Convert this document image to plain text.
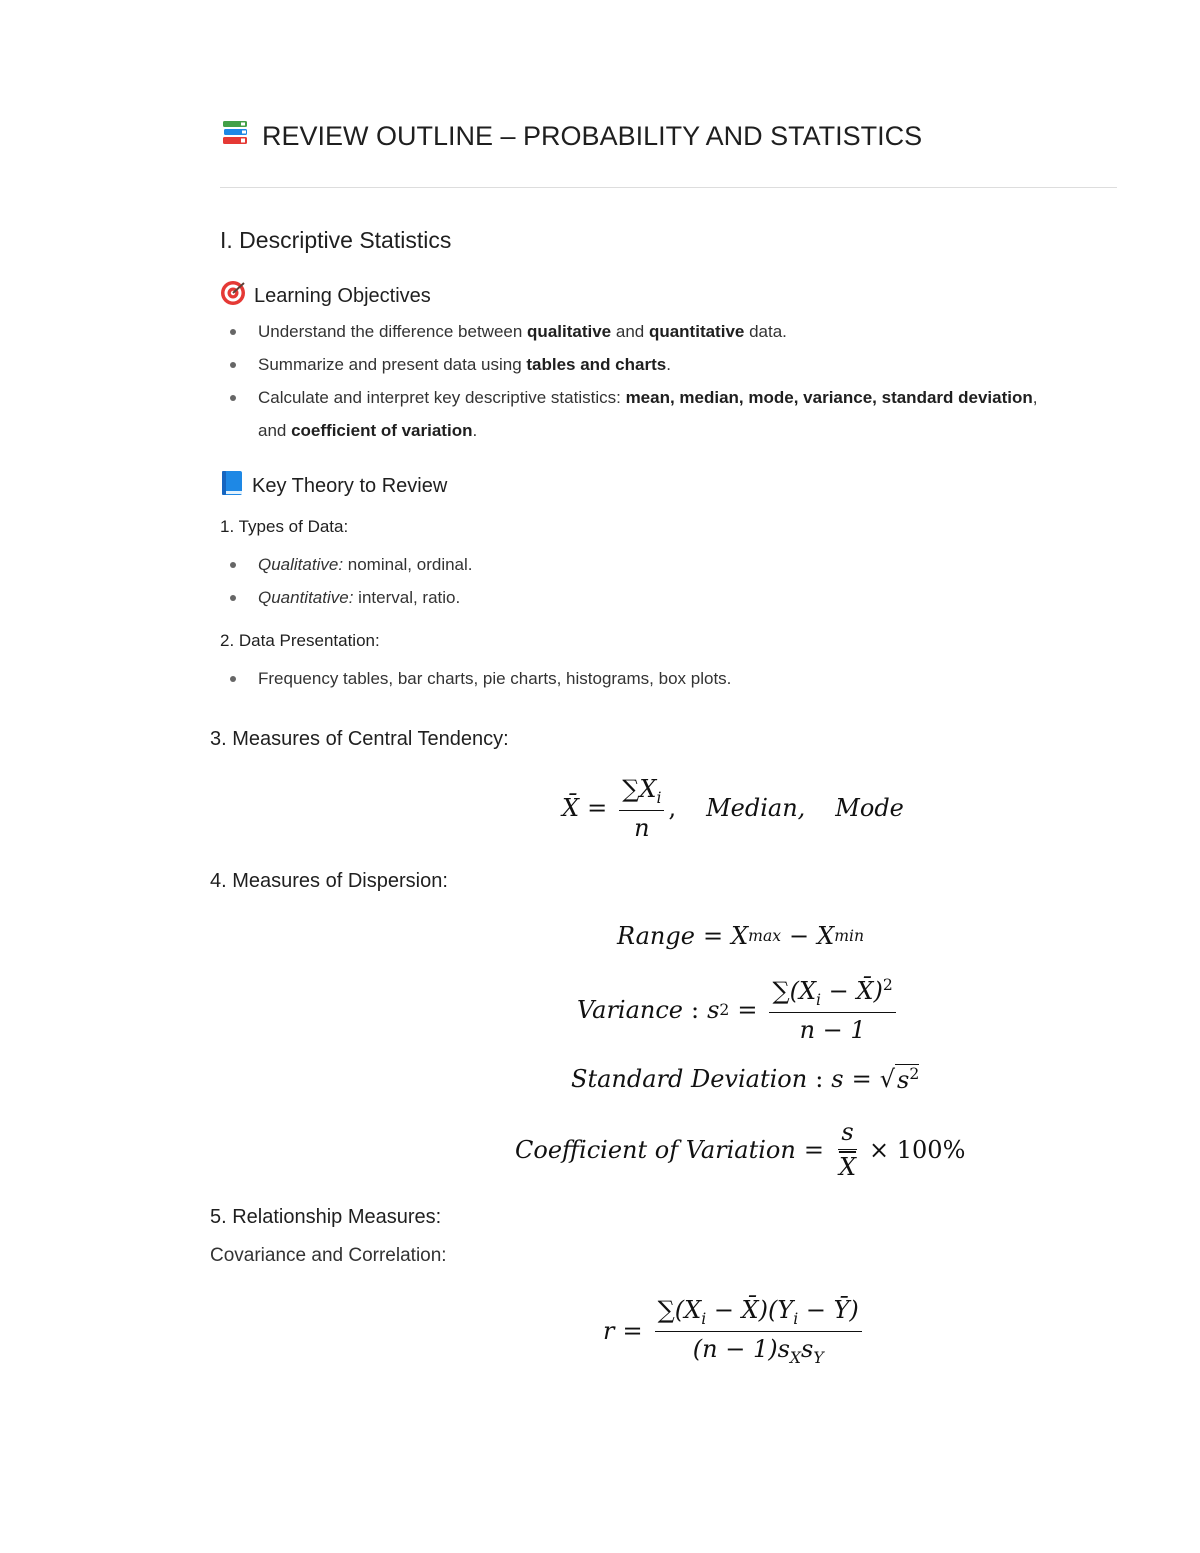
REVIEW OUTLINE – PROBABILITY AND STATISTICS
I. Descriptive Statistics
Learning Objectives
Understand the difference between qualitative and quantitative data.
Summarize and present data using tables and charts.
Calculate and interpret key descriptive statistics: mean, median, mode, variance, standard deviation,
and coefficient of variation.
Key Theory to Review
1. Types of Data:
Qualitative: nominal, ordinal.
Quantitative: interval, ratio.
2. Data Presentation:
Frequency tables, bar charts, pie charts, histograms, box plots.
3. Measures of Central Tendency:
X̄ = $\frac{\sum X_i}{n}$ , Median, Mode
4. Measures of Dispersion:
Range = X max − X min
Variance : s $2 = \frac{\sum(X_i - X̄)^2}{n - 1}$
Standard Deviation : s = √ $s^2$
Coefficient of Variation = $\frac{s}{X} \times 100\%$
5. Relationship Measures:
Covariance and Correlation:
$r = \frac{\sum(X_i - X̄)(Y_i - Ȳ)}{(n - 1)s_Xs_Y}$
